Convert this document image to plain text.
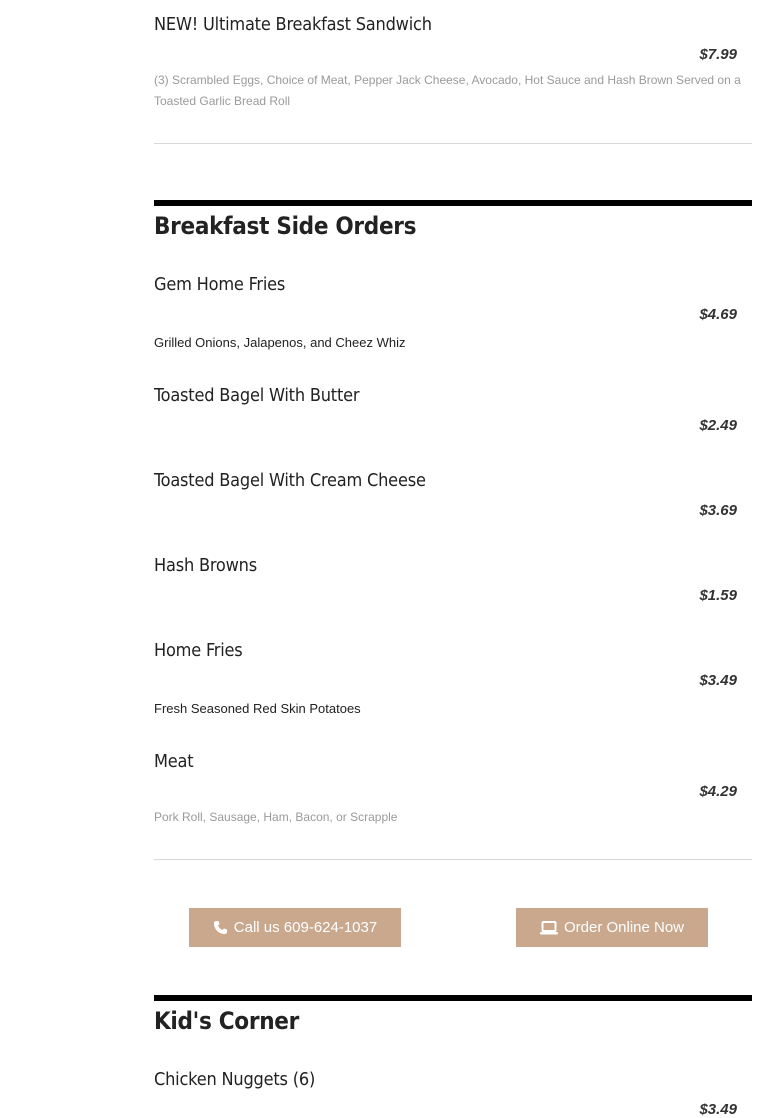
NEW! Ultimate Breakfast Sandwich
$7.99
(3) Scrambled Eggs, Choice of Meat, Pepper Jack Cheese, Avocado, Hot Sauce and Hash Brown Served on a Toasted Garlic Bread Roll
Breakfast Side Orders
Gem Home Fries
$4.69
Grilled Onions, Jalapenos, and Cheez Whiz
Toasted Bagel With Butter
$2.49
Toasted Bagel With Cream Cheese
$3.69
Hash Browns
$1.59
Home Fries
$3.49
Fresh Seasoned Red Skin Potatoes
Meat
$4.29
Pork Roll, Sausage, Ham, Bacon, or Scrapple
Call us 609-624-1037	Order Online Now
Kid's Corner
Chicken Nuggets (6)
$3.49
